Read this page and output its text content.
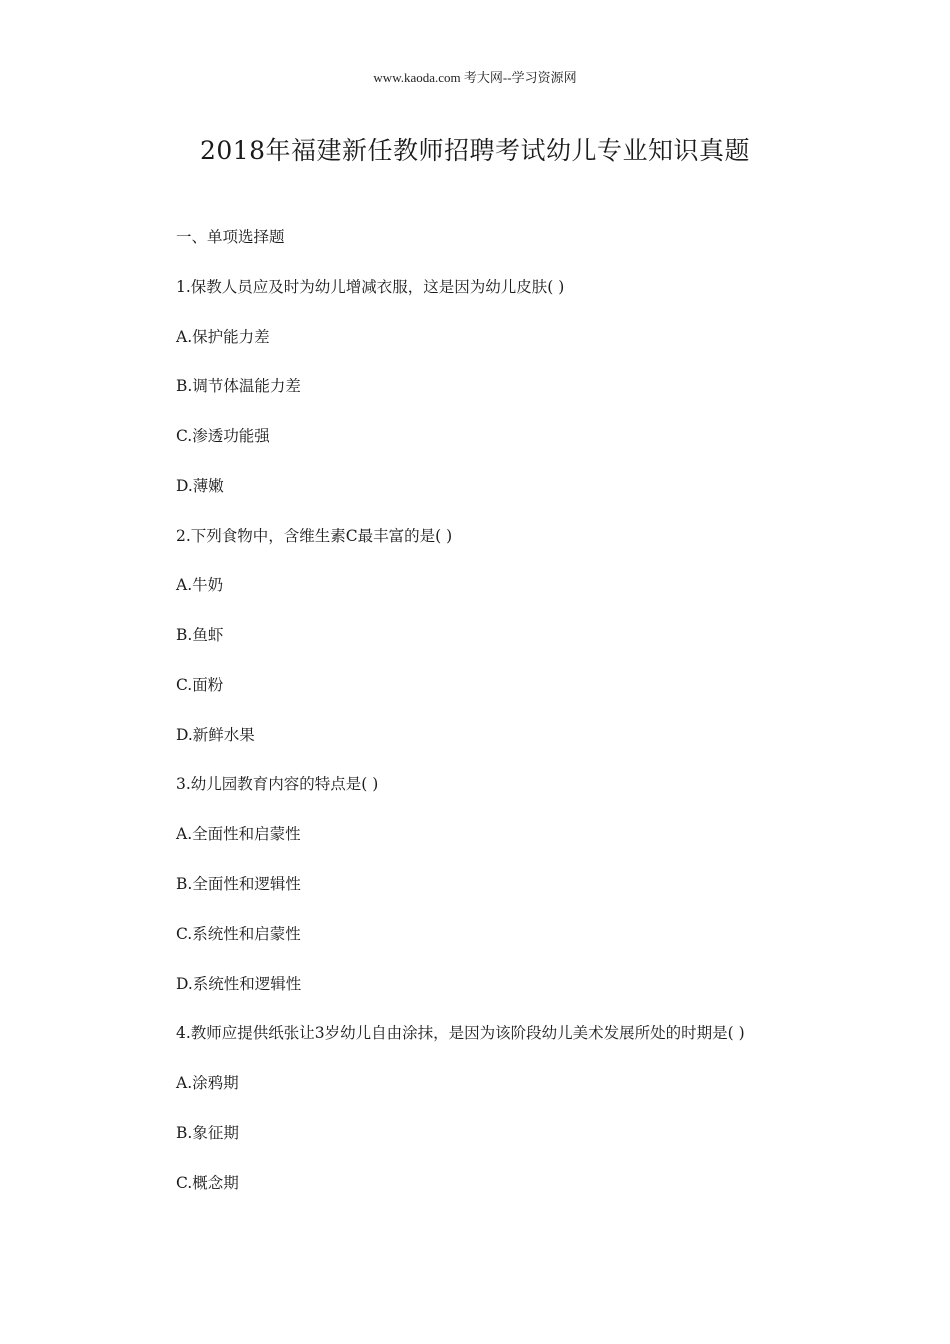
www.kaoda.com 考大网--学习资源网
2018年福建新任教师招聘考试幼儿专业知识真题
一、单项选择题
1.保教人员应及时为幼儿增减衣服，这是因为幼儿皮肤( )
A.保护能力差
B.调节体温能力差
C.渗透功能强
D.薄嫩
2.下列食物中，含维生素C最丰富的是( )
A.牛奶
B.鱼虾
C.面粉
D.新鲜水果
3.幼儿园教育内容的特点是( )
A.全面性和启蒙性
B.全面性和逻辑性
C.系统性和启蒙性
D.系统性和逻辑性
4.教师应提供纸张让3岁幼儿自由涂抹，是因为该阶段幼儿美术发展所处的时期是( )
A.涂鸦期
B.象征期
C.概念期
